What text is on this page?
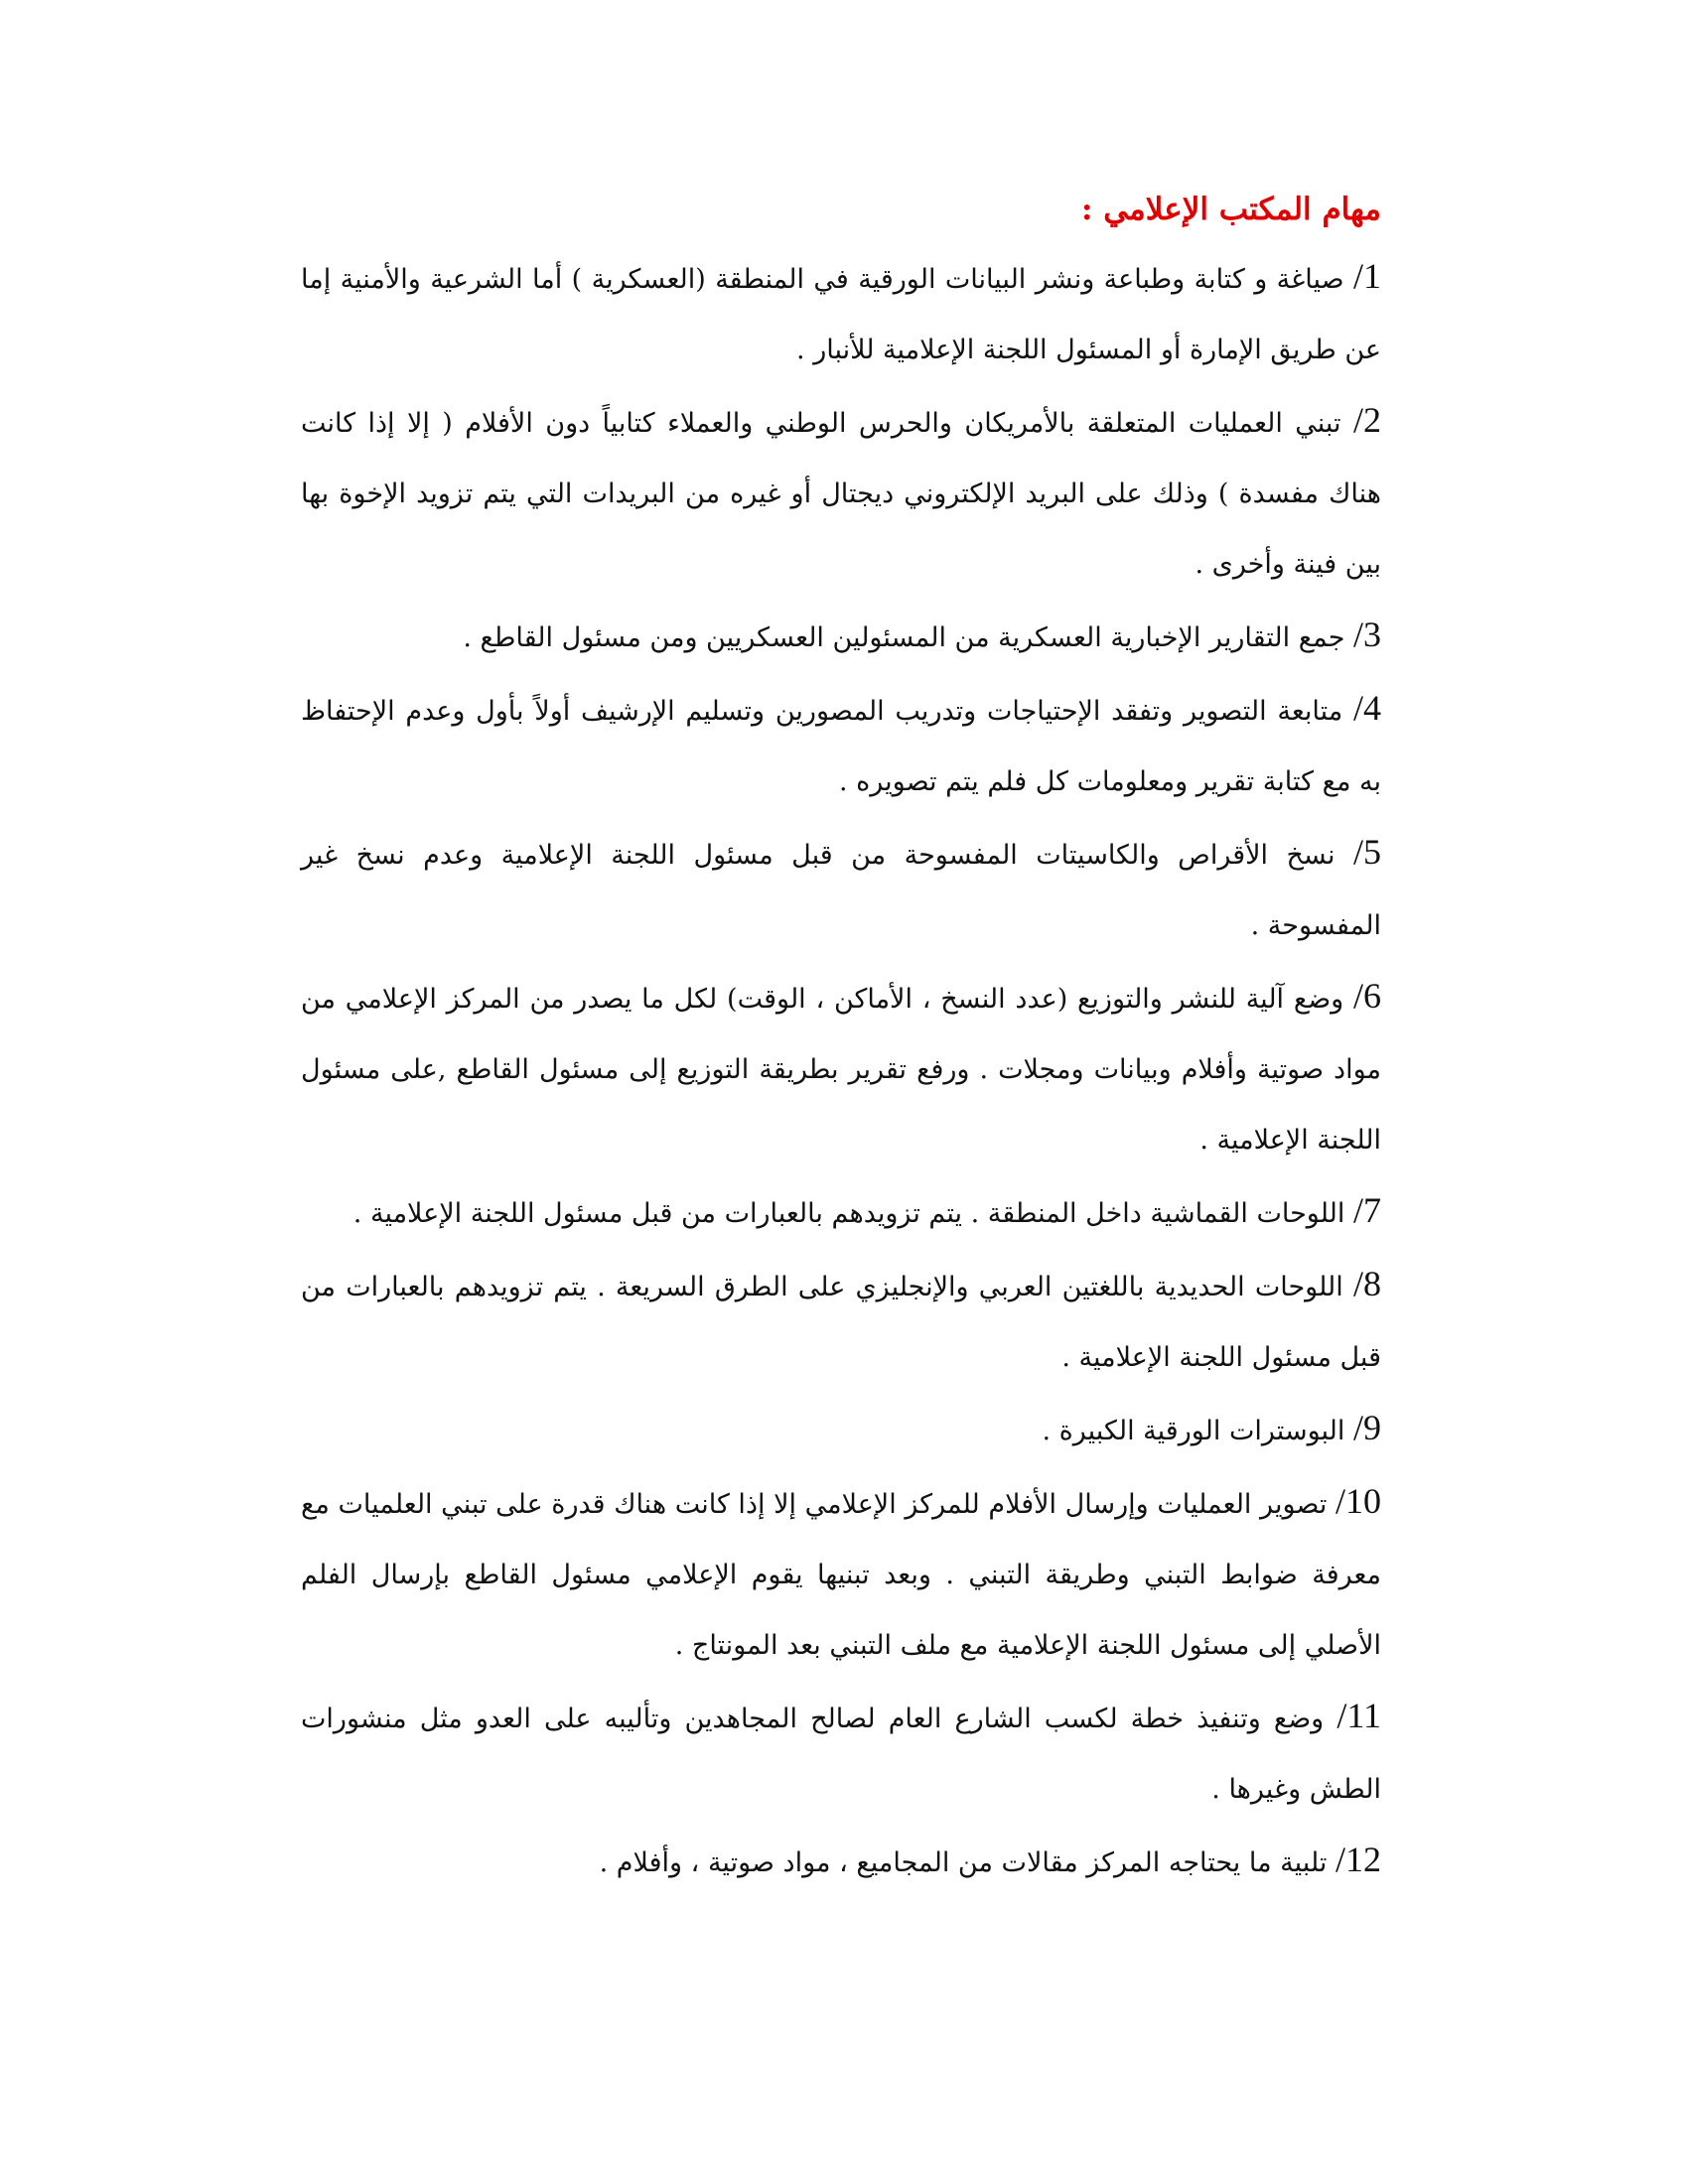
مهام المكتب الإعلامي :

1/ صياغة و كتابة وطباعة ونشر البيانات الورقية في المنطقة (العسكرية ) أما الشرعية والأمنية إما عن طريق الإمارة أو المسئول اللجنة الإعلامية للأنبار .

2/ تبني العمليات المتعلقة بالأمريكان والحرس الوطني والعملاء كتابياً دون الأفلام ( إلا إذا كانت هناك مفسدة ) وذلك على البريد الإلكتروني ديجتال أو غيره من البريدات التي يتم تزويد الإخوة بها بين فينة وأخرى .

3/ جمع التقارير الإخبارية العسكرية من المسئولين العسكريين ومن مسئول القاطع .

4/ متابعة التصوير وتفقد الإحتياجات وتدريب المصورين وتسليم الإرشيف أولاً بأول وعدم الإحتفاظ به مع كتابة تقرير ومعلومات كل فلم يتم تصويره .

5/ نسخ الأقراص والكاسيتات المفسوحة من قبل مسئول اللجنة الإعلامية وعدم نسخ غير المفسوحة .

6/ وضع آلية للنشر والتوزيع (عدد النسخ ، الأماكن ، الوقت) لكل ما يصدر من المركز الإعلامي من مواد صوتية وأفلام وبيانات ومجلات . ورفع تقرير بطريقة التوزيع إلى مسئول القاطع ,على مسئول اللجنة الإعلامية .

7/ اللوحات القماشية داخل المنطقة . يتم تزويدهم بالعبارات من قبل مسئول اللجنة الإعلامية .

8/ اللوحات الحديدية باللغتين العربي والإنجليزي على الطرق السريعة . يتم تزويدهم بالعبارات من قبل مسئول اللجنة الإعلامية .

9/ البوسترات الورقية الكبيرة .

10/ تصوير العمليات وإرسال الأفلام للمركز الإعلامي إلا إذا كانت هناك قدرة على تبني العلميات مع معرفة ضوابط التبني وطريقة التبني . وبعد تبنيها يقوم الإعلامي مسئول القاطع بإرسال الفلم الأصلي إلى مسئول اللجنة الإعلامية مع ملف التبني بعد المونتاج .

11/ وضع وتنفيذ خطة لكسب الشارع العام لصالح المجاهدين وتأليبه على العدو مثل منشورات الطش وغيرها .

12/ تلبية ما يحتاجه المركز مقالات من المجاميع ، مواد صوتية ، وأفلام .
